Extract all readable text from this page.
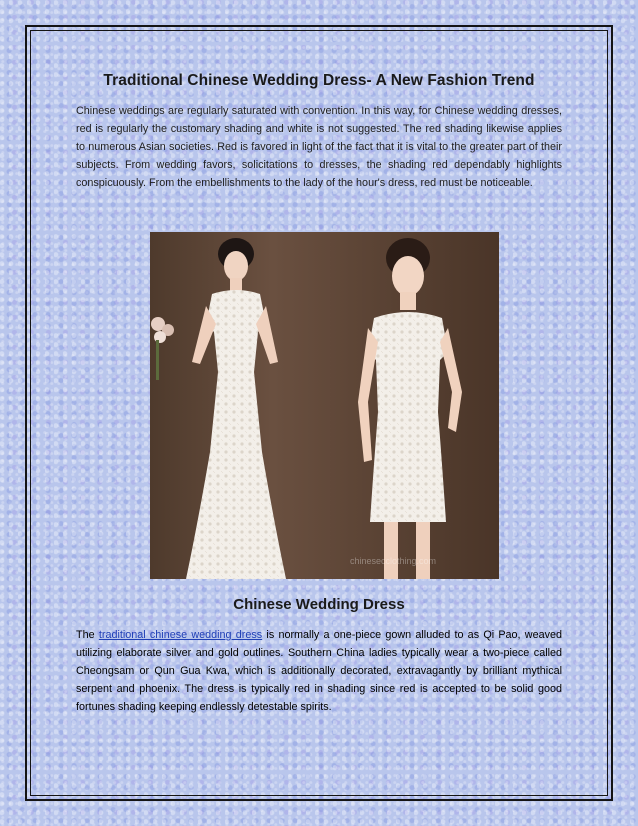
Traditional Chinese Wedding Dress- A New Fashion Trend

Chinese weddings are regularly saturated with convention. In this way, for Chinese wedding dresses, red is regularly the customary shading and white is not suggested. The red shading likewise applies to numerous Asian societies. Red is favored in light of the fact that it is vital to the greater part of their subjects. From wedding favors, solicitations to dresses, the shading red dependably highlights conspicuously. From the embellishments to the lady of the hour's dress, red must be noticeable.

chinesecclothing.com
Chinese Wedding Dress

The traditional chinese wedding dress is normally a one-piece gown alluded to as Qi Pao, weaved utilizing elaborate silver and gold outlines. Southern China ladies typically wear a two-piece called Cheongsam or Qun Gua Kwa, which is additionally decorated, extravagantly by brilliant mythical serpent and phoenix. The dress is typically red in shading since red is accepted to be solid good fortunes shading keeping endlessly detestable spirits.
